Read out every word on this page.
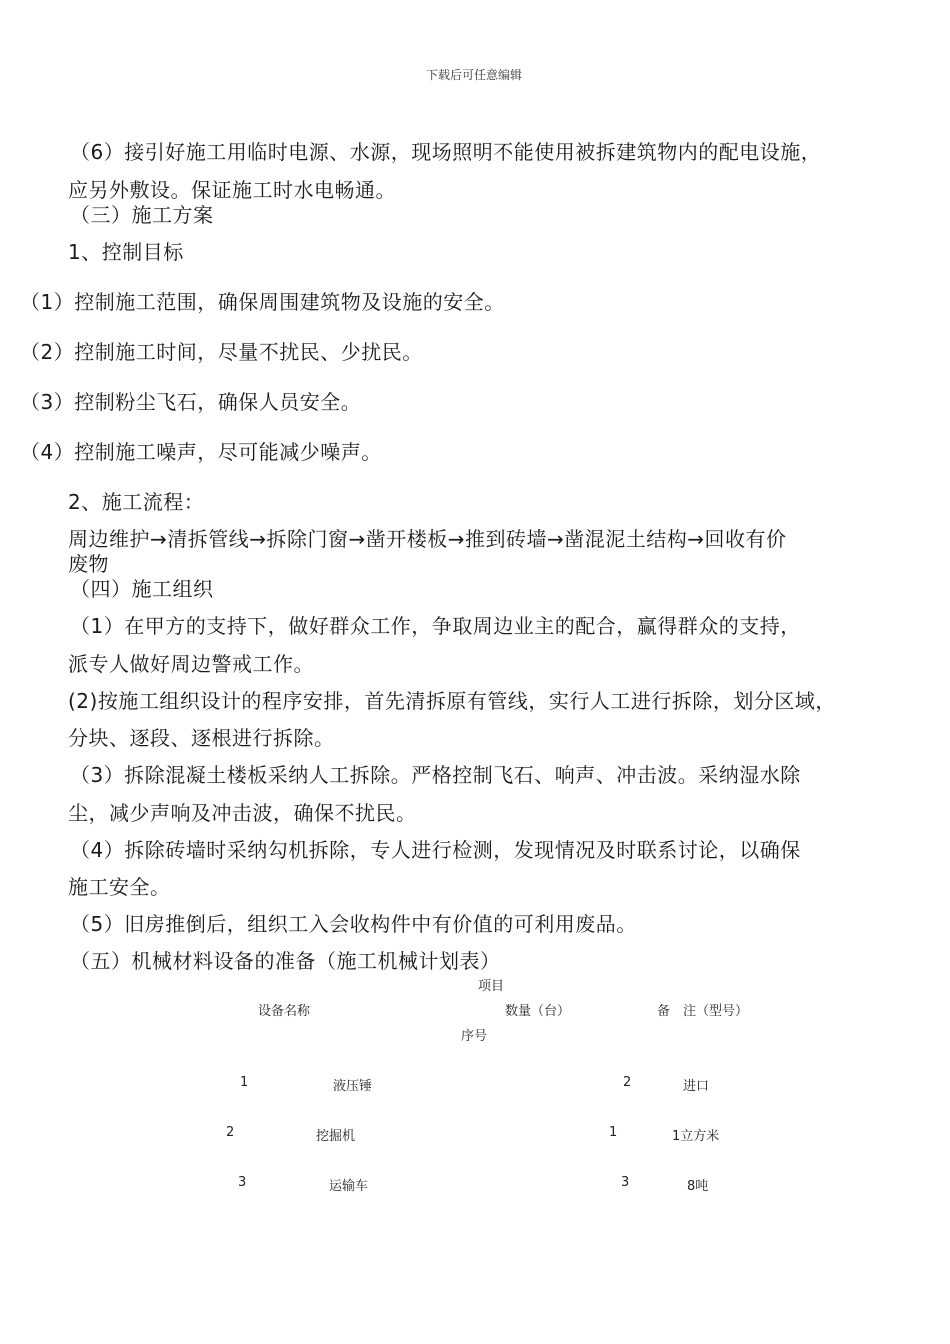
下载后可任意编辑
（6）接引好施工用临时电源、水源，现场照明不能使用被拆建筑物内的配电设施，
应另外敷设。保证施工时水电畅通。
（三）施工方案
1、控制目标
（1）控制施工范围，确保周围建筑物及设施的安全。
（2）控制施工时间，尽量不扰民、少扰民。
（3）控制粉尘飞石，确保人员安全。
（4）控制施工噪声，尽可能减少噪声。
2、施工流程：
周边维护→清拆管线→拆除门窗→凿开楼板→推到砖墙→凿混泥土结构→回收有价
废物
（四）施工组织
（1）在甲方的支持下，做好群众工作，争取周边业主的配合，赢得群众的支持，
派专人做好周边警戒工作。
(2)按施工组织设计的程序安排，首先清拆原有管线，实行人工进行拆除，划分区域，
分块、逐段、逐根进行拆除。
（3）拆除混凝土楼板采纳人工拆除。严格控制飞石、响声、冲击波。采纳湿水除
尘，减少声响及冲击波，确保不扰民。
（4）拆除砖墙时采纳勾机拆除，专人进行检测，发现情况及时联系讨论，以确保
施工安全。
（5）旧房推倒后，组织工入会收构件中有价值的可利用废品。
（五）机械材料设备的准备（施工机械计划表）
项目
设备名称	数量（台）	备　注（型号）
序号
1	液压锤	2	进口
2	挖掘机	1	1立方米
3	运输车	3	8吨
